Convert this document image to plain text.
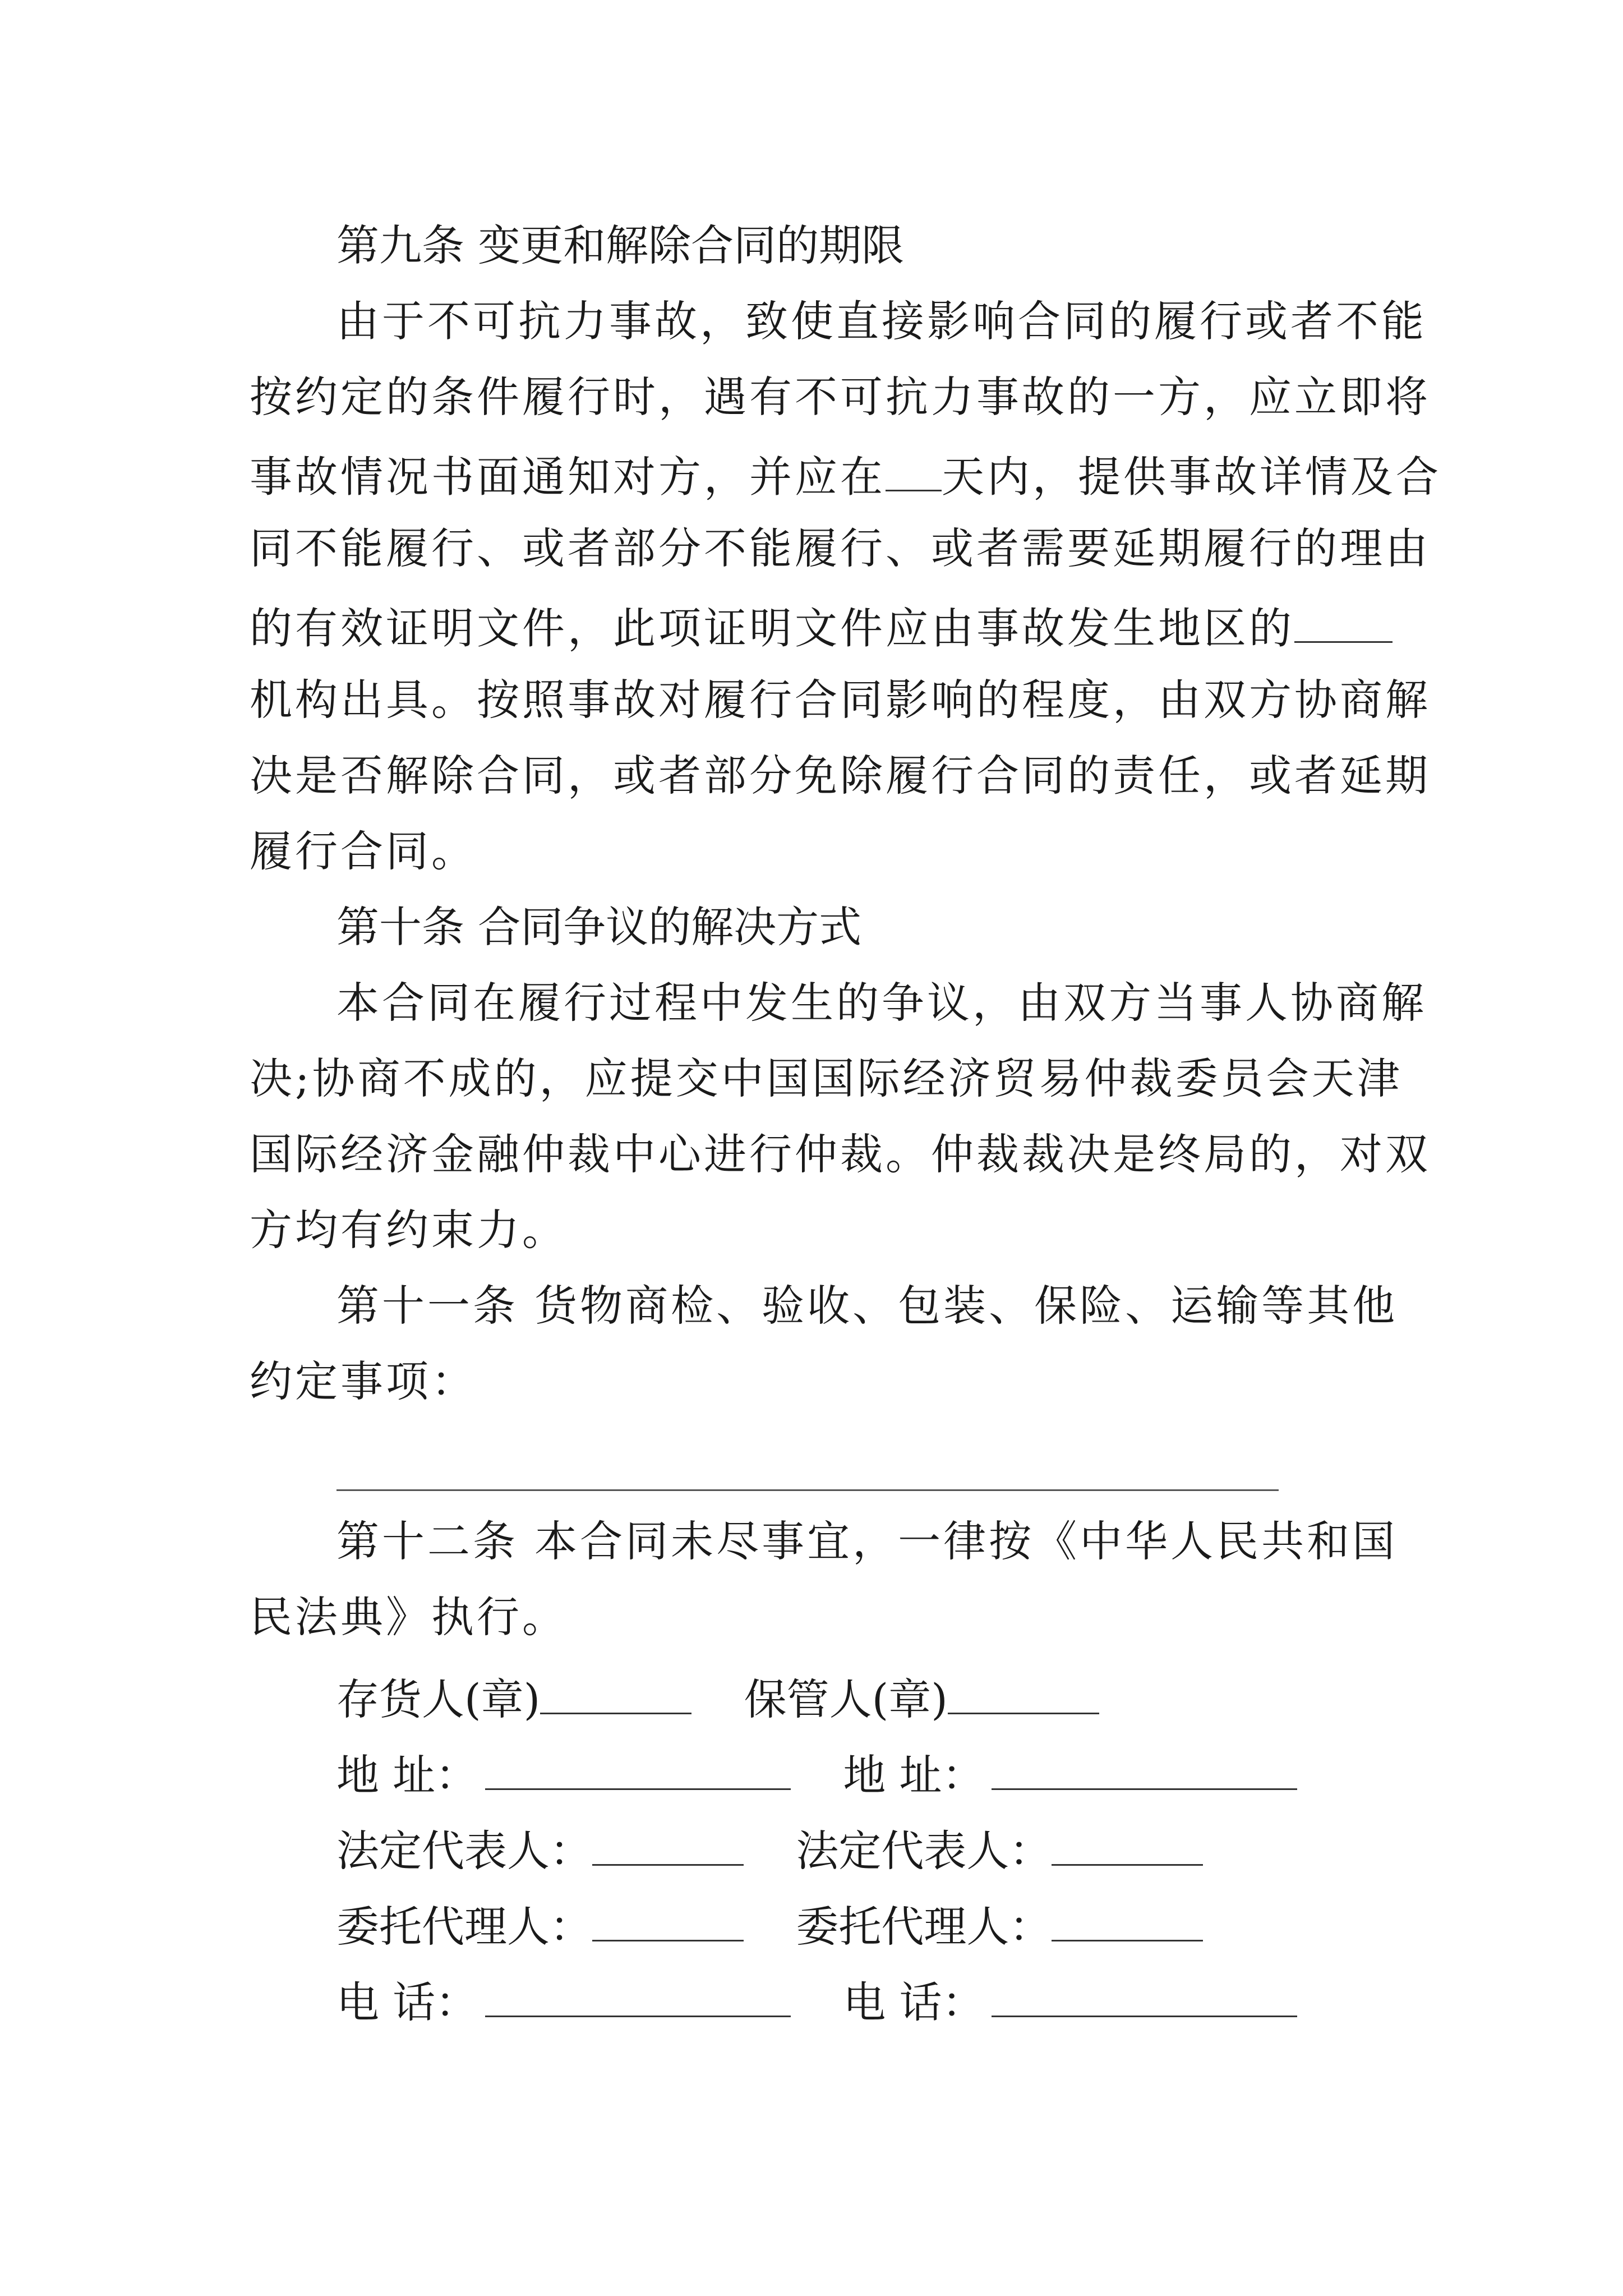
第九条 变更和解除合同的期限
由于不可抗力事故，致使直接影响合同的履行或者不能
按约定的条件履行时，遇有不可抗力事故的一方，应立即将
事故情况书面通知对方，并应在 天内，提供事故详情及合
同不能履行、或者部分不能履行、或者需要延期履行的理由
的有效证明文件，此项证明文件应由事故发生地区的
机构出具。按照事故对履行合同影响的程度，由双方协商解
决是否解除合同，或者部分免除履行合同的责任，或者延期
履行合同。
第十条 合同争议的解决方式
本合同在履行过程中发生的争议，由双方当事人协商解
决;协商不成的，应提交中国国际经济贸易仲裁委员会天津
国际经济金融仲裁中心进行仲裁。仲裁裁决是终局的，对双
方均有约束力。
第十一条 货物商检、验收、包装、保险、运输等其他
约定事项：
第十二条 本合同未尽事宜，一律按《中华人民共和国
民法典》执行。
存货人(章)	保管人(章)
地 址：	地 址：
法定代表人：	法定代表人：
委托代理人：	委托代理人：
电 话：	电 话：
